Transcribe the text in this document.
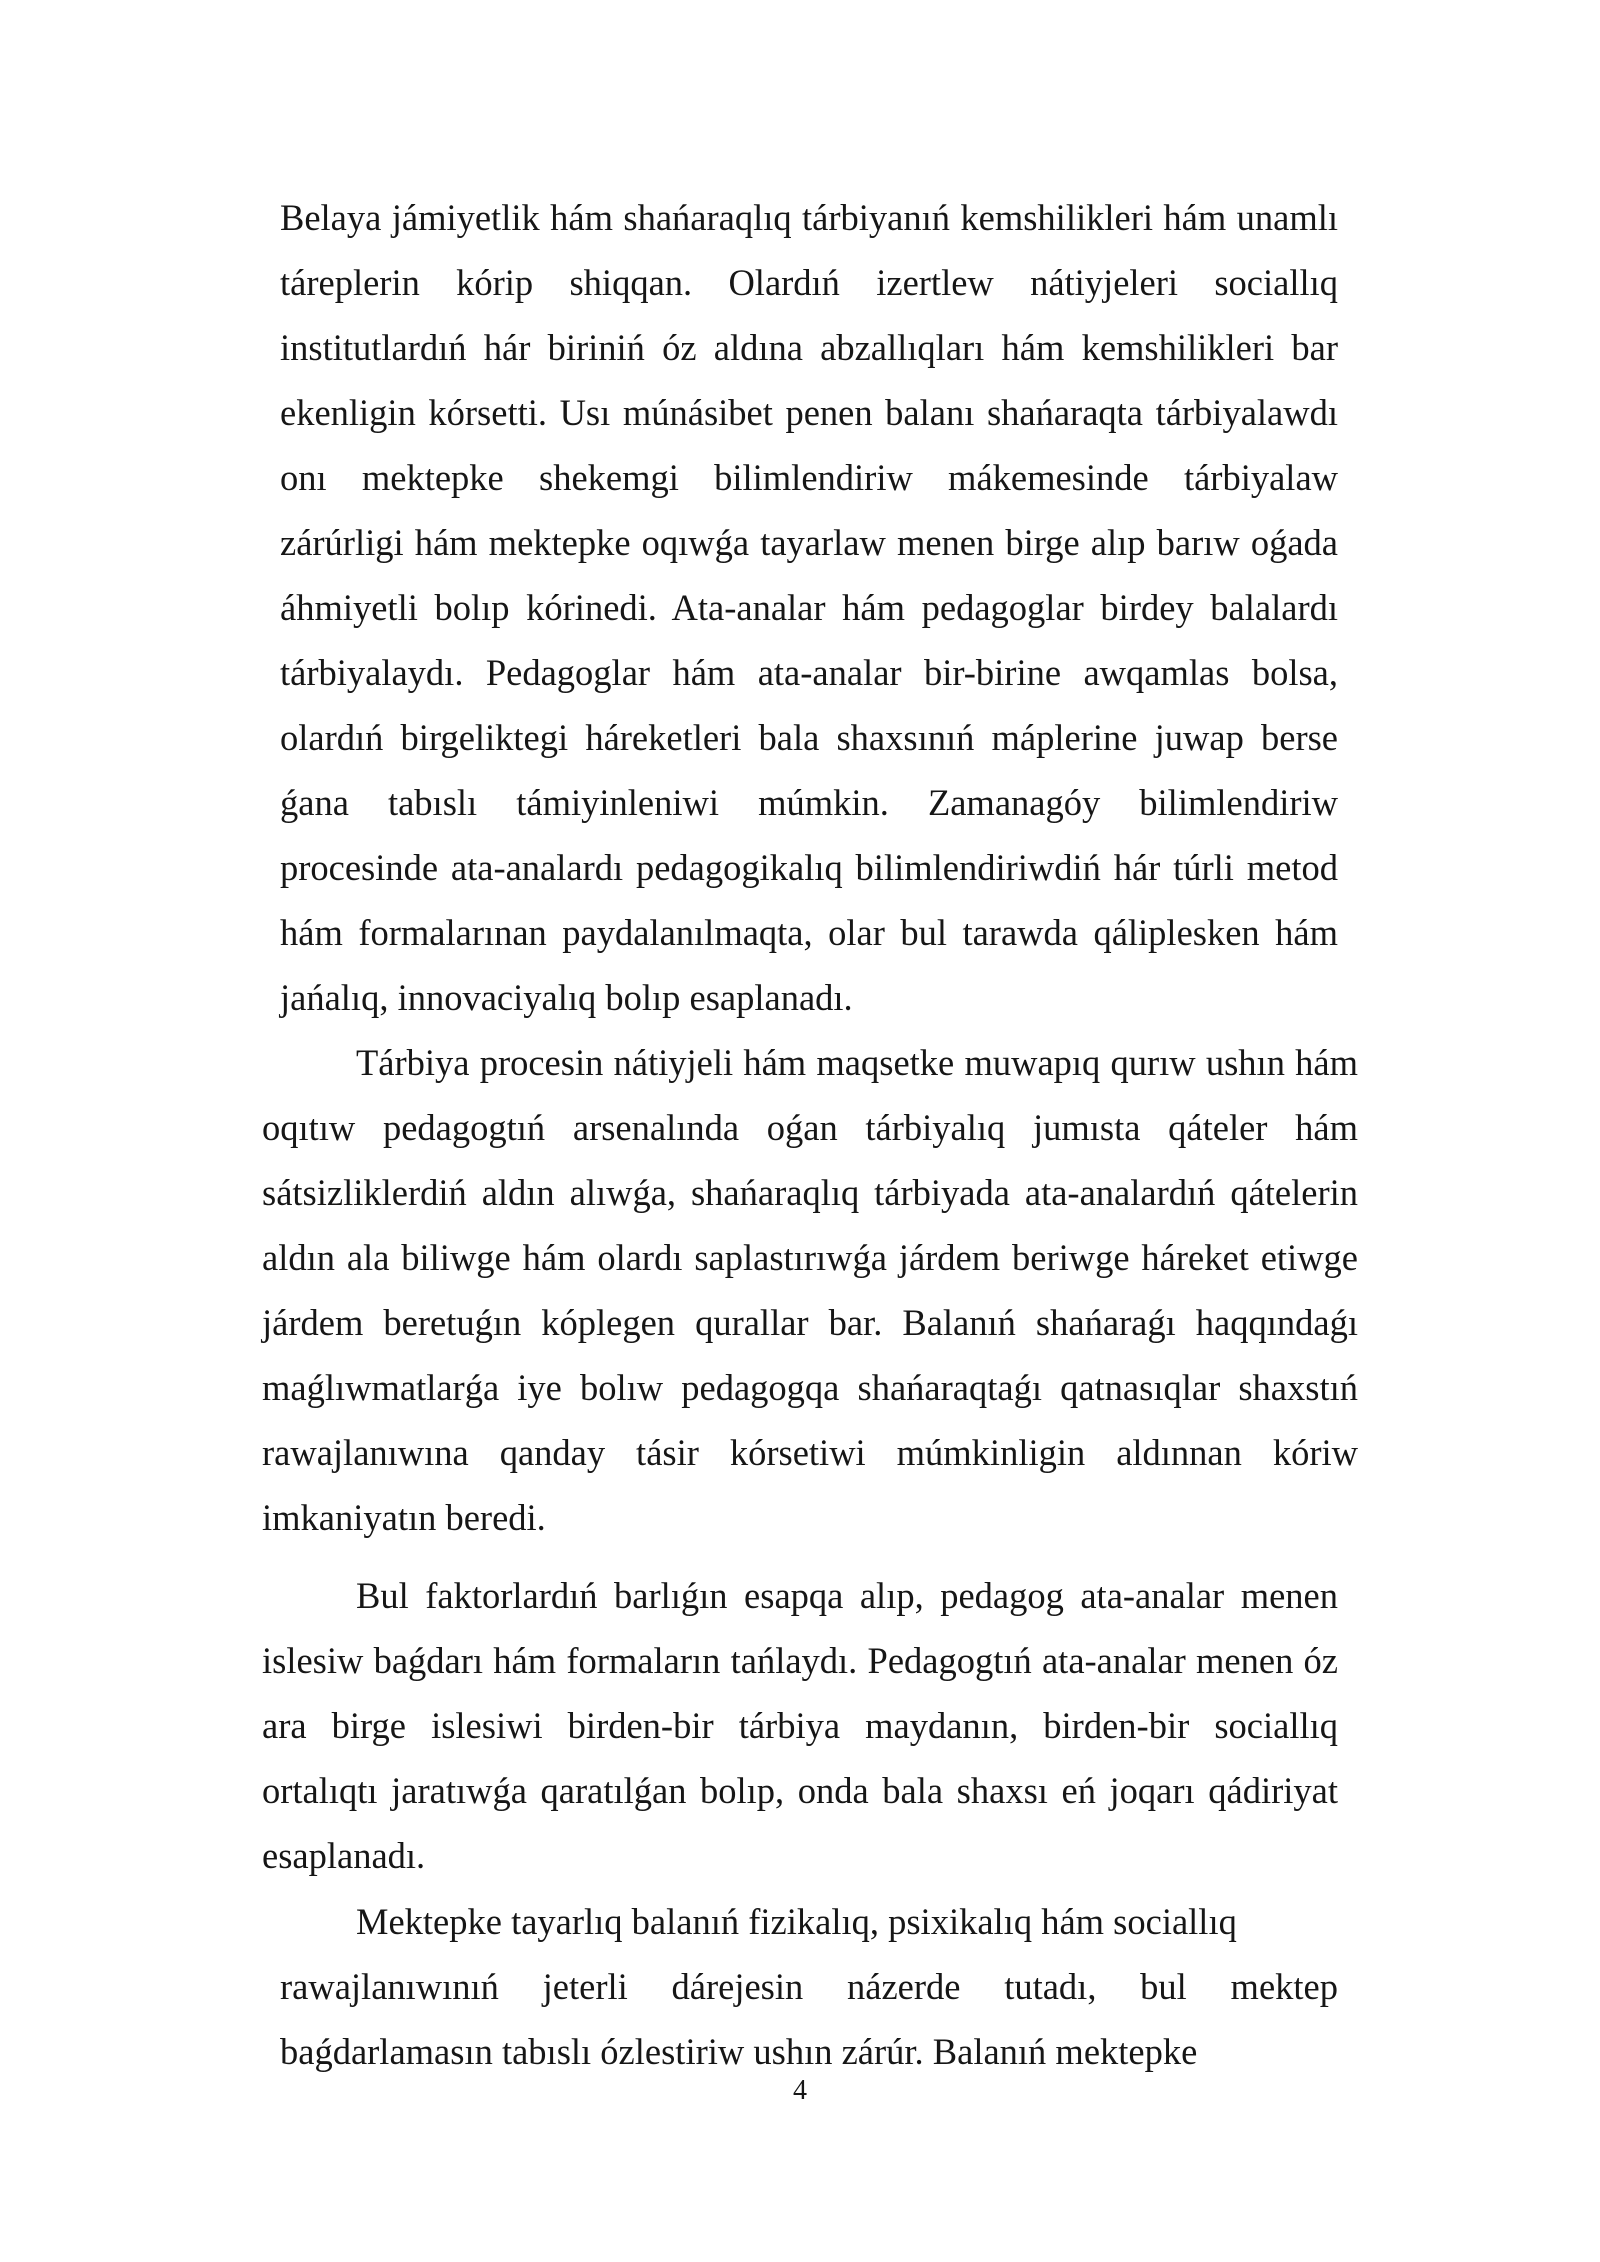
Belaya jámiyetlik hám shańaraqlıq tárbiyanıń kemshilikleri hám unamlı táreplerin kórip shiqqan. Olardıń izertlew nátiyjeleri sociallıq institutlardıń hár biriniń óz aldına abzallıqları hám kemshilikleri bar ekenligin kórsetti. Usı múnásibet penen balanı shańaraqta tárbiyalawdı onı mektepke shekemgi bilimlendiriw mákemesinde tárbiyalaw zárúrligi hám mektepke oqıwǵa tayarlaw menen birge alıp barıw oǵada áhmiyetli bolıp kórinedi. Ata-analar hám pedagoglar birdey balalardı tárbiyalaydı. Pedagoglar hám ata-analar bir-birine awqamlas bolsa, olardıń birgeliktegi háreketleri bala shaxsınıń máplerine juwap berse ǵana tabıslı támiyinleniwi múmkin. Zamanagóy bilimlendiriw procesinde ata-analardı pedagogikalıq bilimlendiriwdiń hár túrli metod hám formalarınan paydalanılmaqta, olar bul tarawda qáliplesken hám jańalıq, innovaciyalıq bolıp esaplanadı.

Tárbiya procesin nátiyjeli hám maqsetke muwapıq qurıw ushın hám oqıtıw pedagogtıń arsenalında oǵan tárbiyalıq jumısta qáteler hám sátsizliklerdiń aldın alıwǵa, shańaraqlıq tárbiyada ata-analardıń qátelerin aldın ala biliwge hám olardı saplastırıwǵa járdem beriwge háreket etiwge járdem beretuǵın kóplegen qurallar bar. Balanıń shańaraǵı haqqındaǵı maǵlıwmatlarǵa iye bolıw pedagogqa shańaraqtaǵı qatnasıqlar shaxstıń rawajlanıwına qanday tásir kórsetiwi múmkinligin aldınnan kóriw imkaniyatın beredi.

Bul faktorlardıń barlıǵın esapqa alıp, pedagog ata-analar menen islesiw baǵdarı hám formaların tańlaydı. Pedagogtıń ata-analar menen óz ara birge islesiwi birden-bir tárbiya maydanın, birden-bir sociallıq ortalıqtı jaratıwǵa qaratılǵan bolıp, onda bala shaxsı eń joqarı qádiriyat esaplanadı.

Mektepke tayarlıq balanıń fizikalıq, psixikalıq hám sociallıq
rawajlanıwınıń jeterli dárejesin názerde tutadı, bul mektep baǵdarlamasın tabıslı ózlestiriw ushın zárúr. Balanıń mektepke

4
